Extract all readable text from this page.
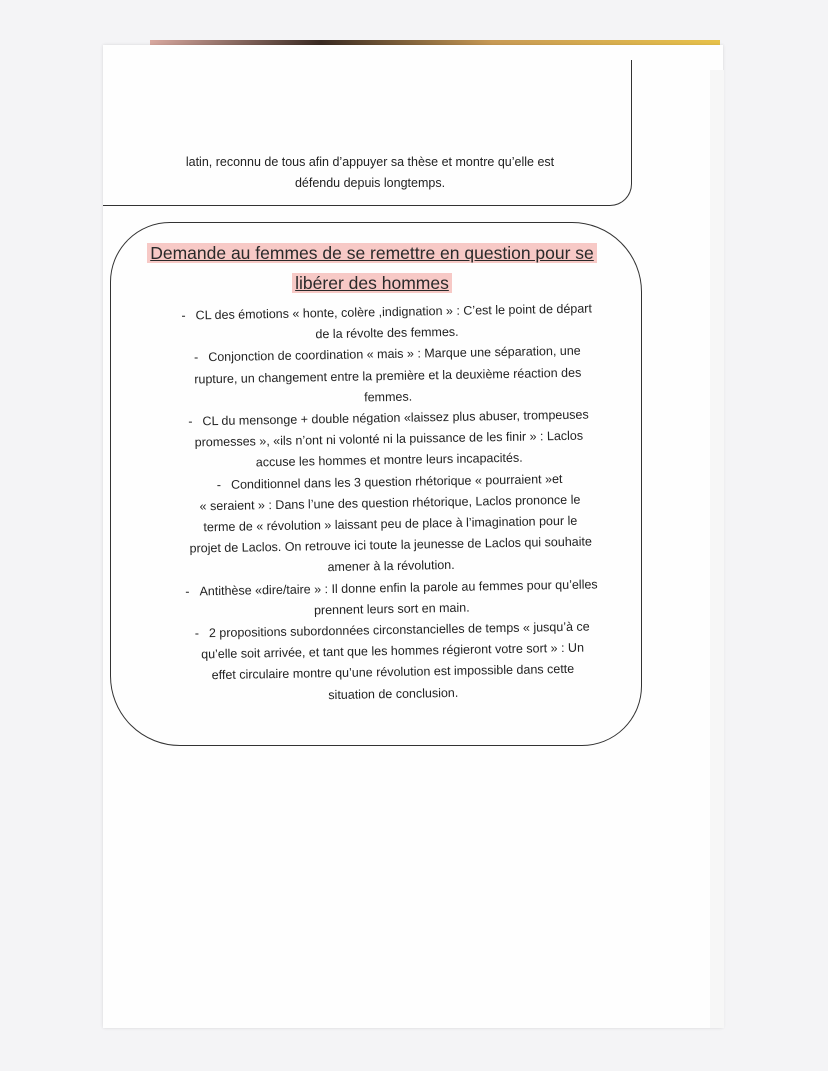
latin, reconnu de tous afin d’appuyer sa thèse et montre qu’elle est
défendu depuis longtemps.
Demande au femmes de se remettre en question pour se
libérer des hommes
- CL des émotions « honte, colère ,indignation » : C’est le point de départ
de la révolte des femmes.
- Conjonction de coordination « mais » : Marque une séparation, une
rupture, un changement entre la première et la deuxième réaction des
femmes.
- CL du mensonge + double négation «laissez plus abuser, trompeuses
promesses », «ils n’ont ni volonté ni la puissance de les finir » : Laclos
accuse les hommes et montre leurs incapacités.
- Conditionnel dans les 3 question rhétorique « pourraient »et
« seraient » : Dans l’une des question rhétorique, Laclos prononce le
terme de « révolution » laissant peu de place à l’imagination pour le
projet de Laclos. On retrouve ici toute la jeunesse de Laclos qui souhaite
amener à la révolution.
- Antithèse «dire/taire » : Il donne enfin la parole au femmes pour qu’elles
prennent leurs sort en main.
- 2 propositions subordonnées circonstancielles de temps « jusqu’à ce
qu’elle soit arrivée, et tant que les hommes régieront votre sort » : Un
effet circulaire montre qu’une révolution est impossible dans cette
situation de conclusion.
